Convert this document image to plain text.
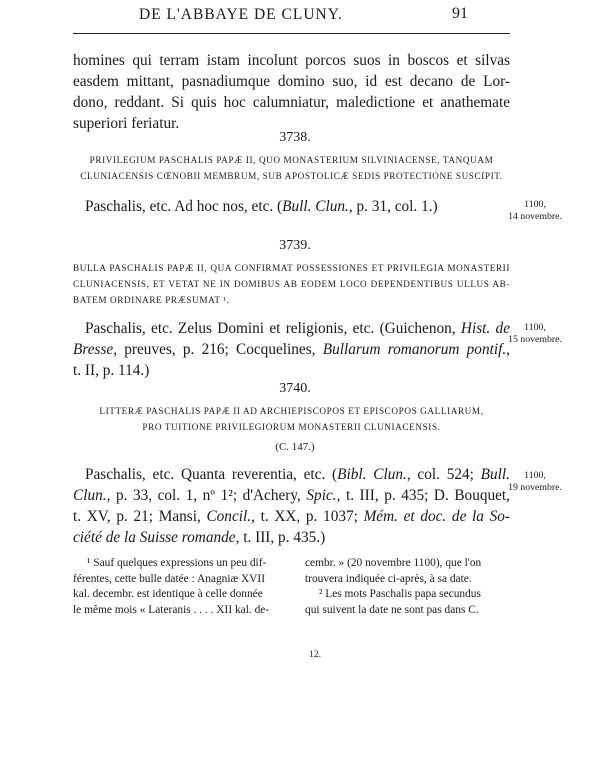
DE L'ABBAYE DE CLUNY.	91
homines qui terram istam incolunt porcos suos in boscos et silvas
easdem mittant, pasnadiumque domino suo, id est decano de Lor-
dono, reddant. Si quis hoc calumniatur, maledictione et anathemate
superiori feriatur.
3738.
PRIVILEGIUM PASCHALIS PAPÆ II, QUO MONASTERIUM SILVINIACENSE, TANQUAM
CLUNIACENSIS CŒNOBII MEMBRUM, SUB APOSTOLICÆ SEDIS PROTECTIONE SUSCIPIT.
Paschalis, etc. Ad hoc nos, etc. (Bull. Clun., p. 31, col. 1.)	1100,
14 novembre.
3739.
BULLA PASCHALIS PAPÆ II, QUA CONFIRMAT POSSESSIONES ET PRIVILEGIA MONASTERII
CLUNIACENSIS, ET VETAT NE IN DOMIBUS AB EODEM LOCO DEPENDENTIBUS ULLUS AB-
BATEM ORDINARE PRÆSUMAT ¹.
Paschalis, etc. Zelus Domini et religionis, etc. (Guichenon, Hist. de
Bresse, preuves, p. 216; Cocquelines, Bullarum romanorum pontif.,
t. II, p. 114.)
1100,
15 novembre.
3740.
LITTERÆ PASCHALIS PAPÆ II AD ARCHIEPISCOPOS ET EPISCOPOS GALLIARUM,
PRO TUITIONE PRIVILEGIORUM MONASTERII CLUNIACENSIS.
(C. 147.)
Paschalis, etc. Quanta reverentia, etc. (Bibl. Clun., col. 524; Bull.
Clun., p. 33, col. 1, nº 1²; d'Achery, Spic., t. III, p. 435; D. Bouquet,
t. XV, p. 21; Mansi, Concil., t. XX, p. 1037; Mém. et doc. de la So-
ciété de la Suisse romande, t. III, p. 435.)
1100,
19 novembre.
¹ Sauf quelques expressions un peu dif-
férentes, cette bulle datée : Anagniæ XVII
kal. decembr. est identique à celle donnée
le même mois « Lateranis . . . . XII kal. de-
cembr. » (20 novembre 1100), que l'on
trouvera indiquée ci-après, à sa date.
² Les mots Paschalis papa secundus
qui suivent la date ne sont pas dans C.
12.
